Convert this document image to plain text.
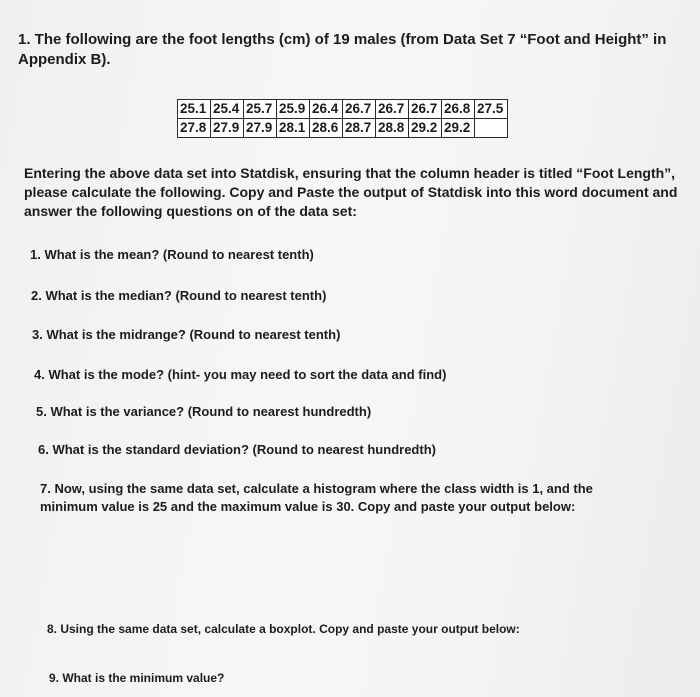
1. The following are the foot lengths (cm) of 19 males (from Data Set 7 “Foot and Height” in Appendix B).

25.1	25.4	25.7	25.9	26.4	26.7	26.7	26.7	26.8	27.5
27.8	27.9	27.9	28.1	28.6	28.7	28.8	29.2	29.2	

Entering the above data set into Statdisk, ensuring that the column header is titled “Foot Length”, please calculate the following. Copy and Paste the output of Statdisk into this word document and answer the following questions on of the data set:

1. What is the mean? (Round to nearest tenth)

2. What is the median? (Round to nearest tenth)

3. What is the midrange? (Round to nearest tenth)

4. What is the mode? (hint- you may need to sort the data and find)

5. What is the variance? (Round to nearest hundredth)

6. What is the standard deviation? (Round to nearest hundredth)

7. Now, using the same data set, calculate a histogram where the class width is 1, and the minimum value is 25 and the maximum value is 30. Copy and paste your output below:

8. Using the same data set, calculate a boxplot. Copy and paste your output below:

9. What is the minimum value?
